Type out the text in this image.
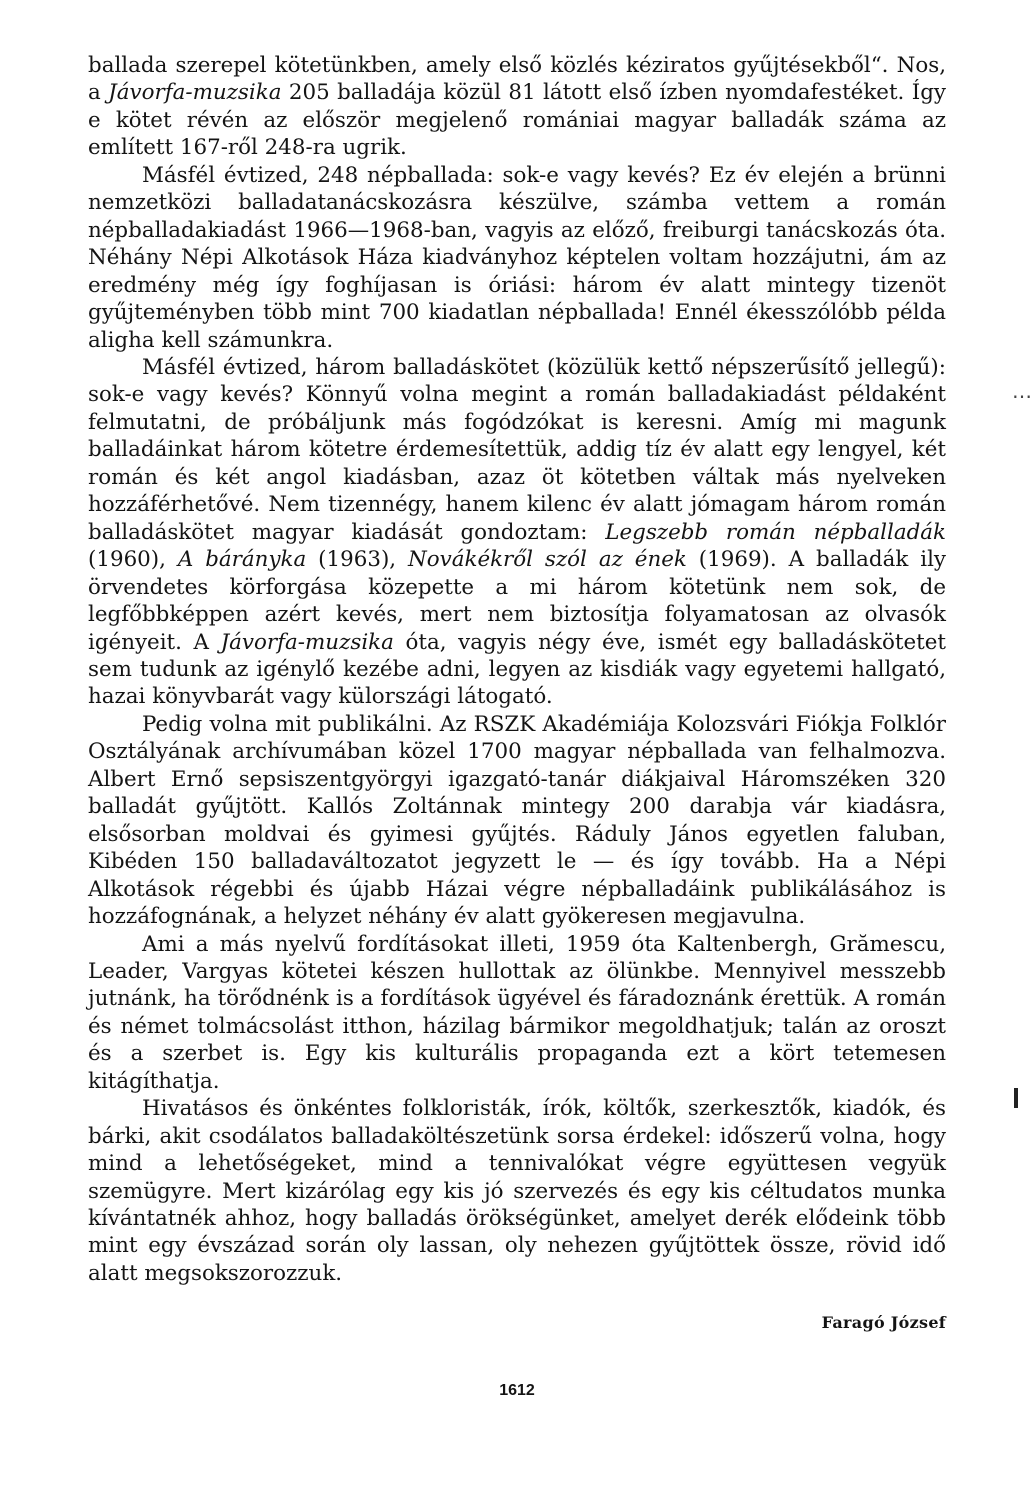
ballada szerepel kötetünkben, amely első közlés kéziratos gyűjtésekből“. Nos, a Jávorfa-muzsika 205 balladája közül 81 látott első ízben nyomdafestéket. Így e kötet révén az először megjelenő romániai magyar balladák száma az említett 167-ről 248-ra ugrik.

Másfél évtized, 248 népballada: sok-e vagy kevés? Ez év elején a brünni nemzetközi balladatanácskozásra készülve, számba vettem a román népballadakiadást 1966—1968-ban, vagyis az előző, freiburgi tanácskozás óta. Néhány Népi Alkotások Háza kiadványhoz képtelen voltam hozzájutni, ám az eredmény még így foghíjasan is óriási: három év alatt mintegy tizenöt gyűjteményben több mint 700 kiadatlan népballada! Ennél ékesszólóbb példa aligha kell számunkra.

Másfél évtized, három balladáskötet (közülük kettő népszerűsítő jellegű): sok-e vagy kevés? Könnyű volna megint a román balladakiadást példaként felmutatni, de próbáljunk más fogódzókat is keresni. Amíg mi magunk balladáinkat három kötetre érdemesítettük, addig tíz év alatt egy lengyel, két román és két angol kiadásban, azaz öt kötetben váltak más nyelveken hozzáférhetővé. Nem tizennégy, hanem kilenc év alatt jómagam három román balladáskötet magyar kiadását gondoztam: Legszebb román népballadák (1960), A bárányka (1963), Novákékről szól az ének (1969). A balladák ily örvendetes körforgása közepette a mi három kötetünk nem sok, de legfőbbképpen azért kevés, mert nem biztosítja folyamatosan az olvasók igényeit. A Jávorfa-muzsika óta, vagyis négy éve, ismét egy balladáskötetet sem tudunk az igénylő kezébe adni, legyen az kisdiák vagy egyetemi hallgató, hazai könyvbarát vagy külországi látogató.

Pedig volna mit publikálni. Az RSZK Akadémiája Kolozsvári Fiókja Folklór Osztályának archívumában közel 1700 magyar népballada van felhalmozva. Albert Ernő sepsiszentgyörgyi igazgató-tanár diákjaival Háromszéken 320 balladát gyűjtött. Kallós Zoltánnak mintegy 200 darabja vár kiadásra, elsősorban moldvai és gyimesi gyűjtés. Ráduly János egyetlen faluban, Kibéden 150 balladaváltozatot jegyzett le — és így tovább. Ha a Népi Alkotások régebbi és újabb Házai végre népballadáink publikálásához is hozzáfognának, a helyzet néhány év alatt gyökeresen megjavulna.

Ami a más nyelvű fordításokat illeti, 1959 óta Kaltenbergh, Grămescu, Leader, Vargyas kötetei készen hullottak az ölünkbe. Mennyivel messzebb jutnánk, ha törődnénk is a fordítások ügyével és fáradoznánk érettük. A román és német tolmácsolást itthon, házilag bármikor megoldhatjuk; talán az oroszt és a szerbet is. Egy kis kulturális propaganda ezt a kört tetemesen kitágíthatja.

Hivatásos és önkéntes folkloristák, írók, költők, szerkesztők, kiadók, és bárki, akit csodálatos balladaköltészetünk sorsa érdekel: időszerű volna, hogy mind a lehetőségeket, mind a tennivalókat végre együttesen vegyük szemügyre. Mert kizárólag egy kis jó szervezés és egy kis céltudatos munka kívántatnék ahhoz, hogy balladás örökségünket, amelyet derék elődeink több mint egy évszázad során oly lassan, oly nehezen gyűjtöttek össze, rövid idő alatt megsokszorozzuk.

Faragó József
1612
⋯
